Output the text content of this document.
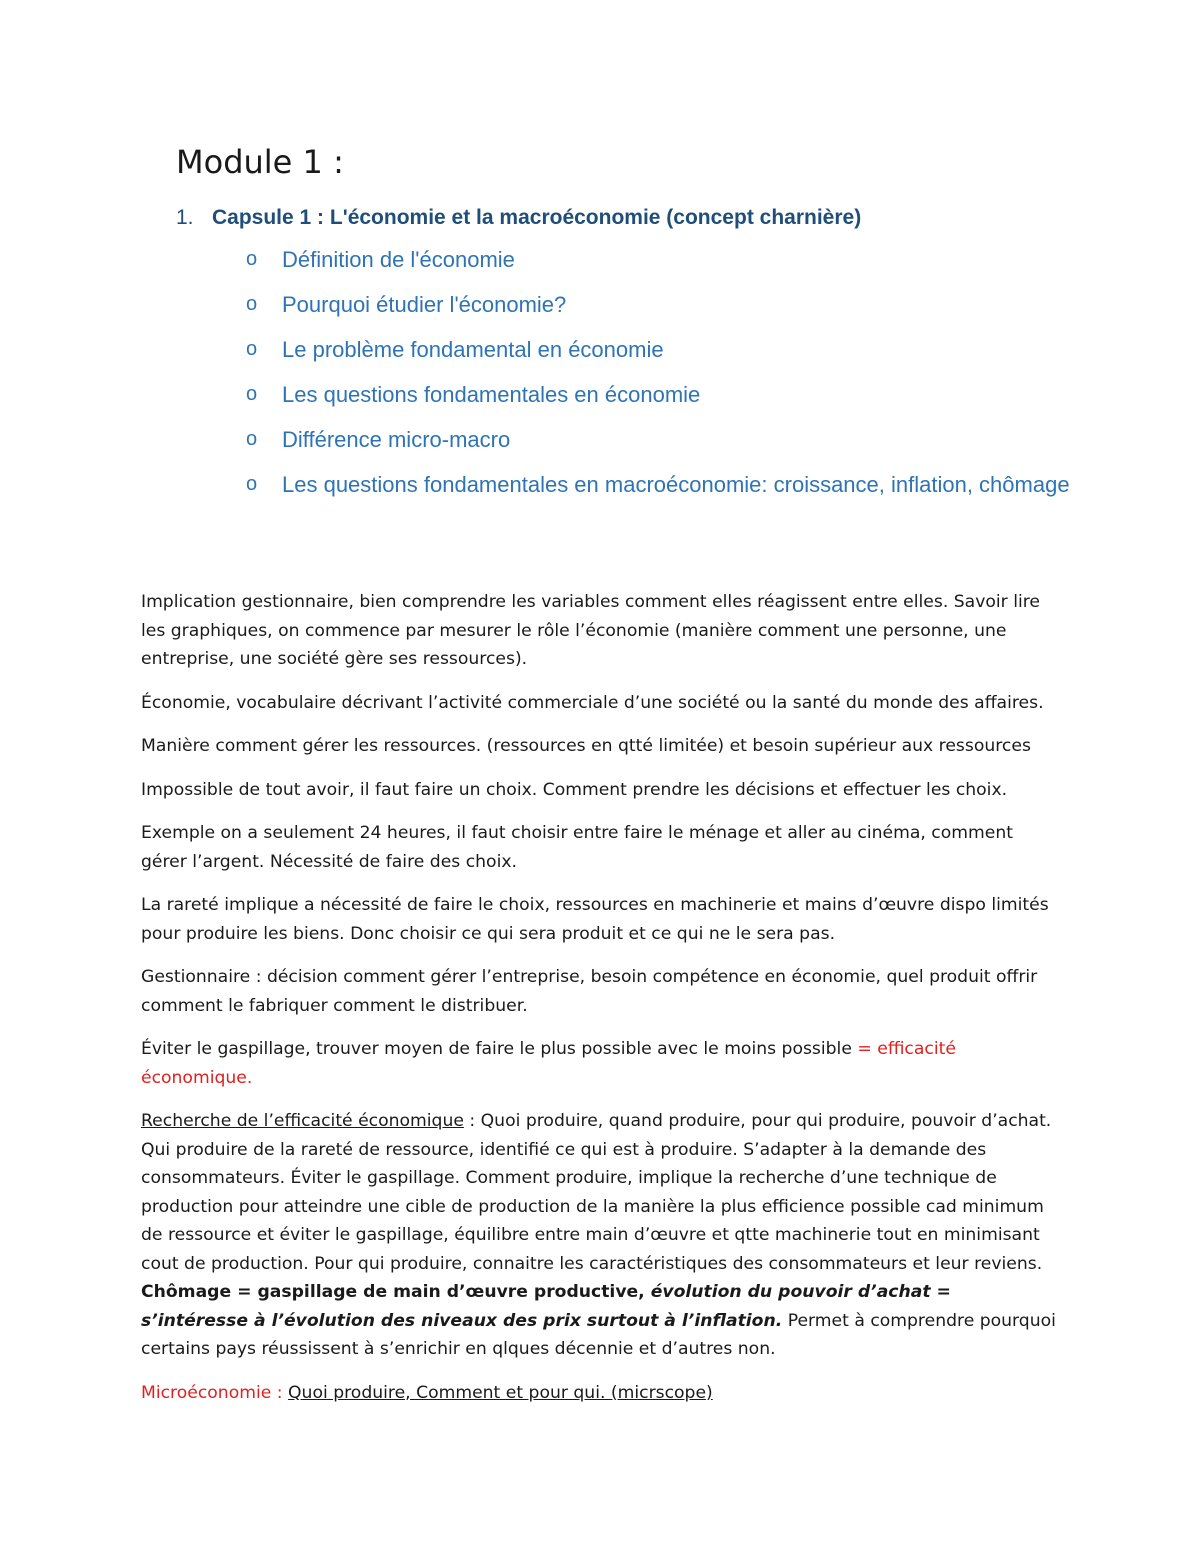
Module 1 :
1. Capsule 1 : L'économie et la macroéconomie (concept charnière)
o Définition de l'économie
o Pourquoi étudier l'économie?
o Le problème fondamental en économie
o Les questions fondamentales en économie
o Différence micro-macro
o Les questions fondamentales en macroéconomie: croissance, inflation, chômage

Implication gestionnaire, bien comprendre les variables comment elles réagissent entre elles. Savoir lire les graphiques, on commence par mesurer le rôle l’économie (manière comment une personne, une entreprise, une société gère ses ressources).

Économie, vocabulaire décrivant l’activité commerciale d’une société ou la santé du monde des affaires.

Manière comment gérer les ressources. (ressources en qtté limitée) et besoin supérieur aux ressources

Impossible de tout avoir, il faut faire un choix. Comment prendre les décisions et effectuer les choix.

Exemple on a seulement 24 heures, il faut choisir entre faire le ménage et aller au cinéma, comment gérer l’argent. Nécessité de faire des choix.

La rareté implique a nécessité de faire le choix, ressources en machinerie et mains d’œuvre dispo limités pour produire les biens. Donc choisir ce qui sera produit et ce qui ne le sera pas.

Gestionnaire : décision comment gérer l’entreprise, besoin compétence en économie, quel produit offrir comment le fabriquer comment le distribuer.

Éviter le gaspillage, trouver moyen de faire le plus possible avec le moins possible = efficacité économique.

Recherche de l’efficacité économique : Quoi produire, quand produire, pour qui produire, pouvoir d’achat. Qui produire de la rareté de ressource, identifié ce qui est à produire. S’adapter à la demande des consommateurs. Éviter le gaspillage. Comment produire, implique la recherche d’une technique de production pour atteindre une cible de production de la manière la plus efficience possible cad minimum de ressource et éviter le gaspillage, équilibre entre main d’œuvre et qtte machinerie tout en minimisant cout de production. Pour qui produire, connaitre les caractéristiques des consommateurs et leur reviens. Chômage = gaspillage de main d’œuvre productive, évolution du pouvoir d’achat = s’intéresse à l’évolution des niveaux des prix surtout à l’inflation. Permet à comprendre pourquoi certains pays réussissent à s’enrichir en qlques décennie et d’autres non.

Microéconomie : Quoi produire, Comment et pour qui. (micrscope)
